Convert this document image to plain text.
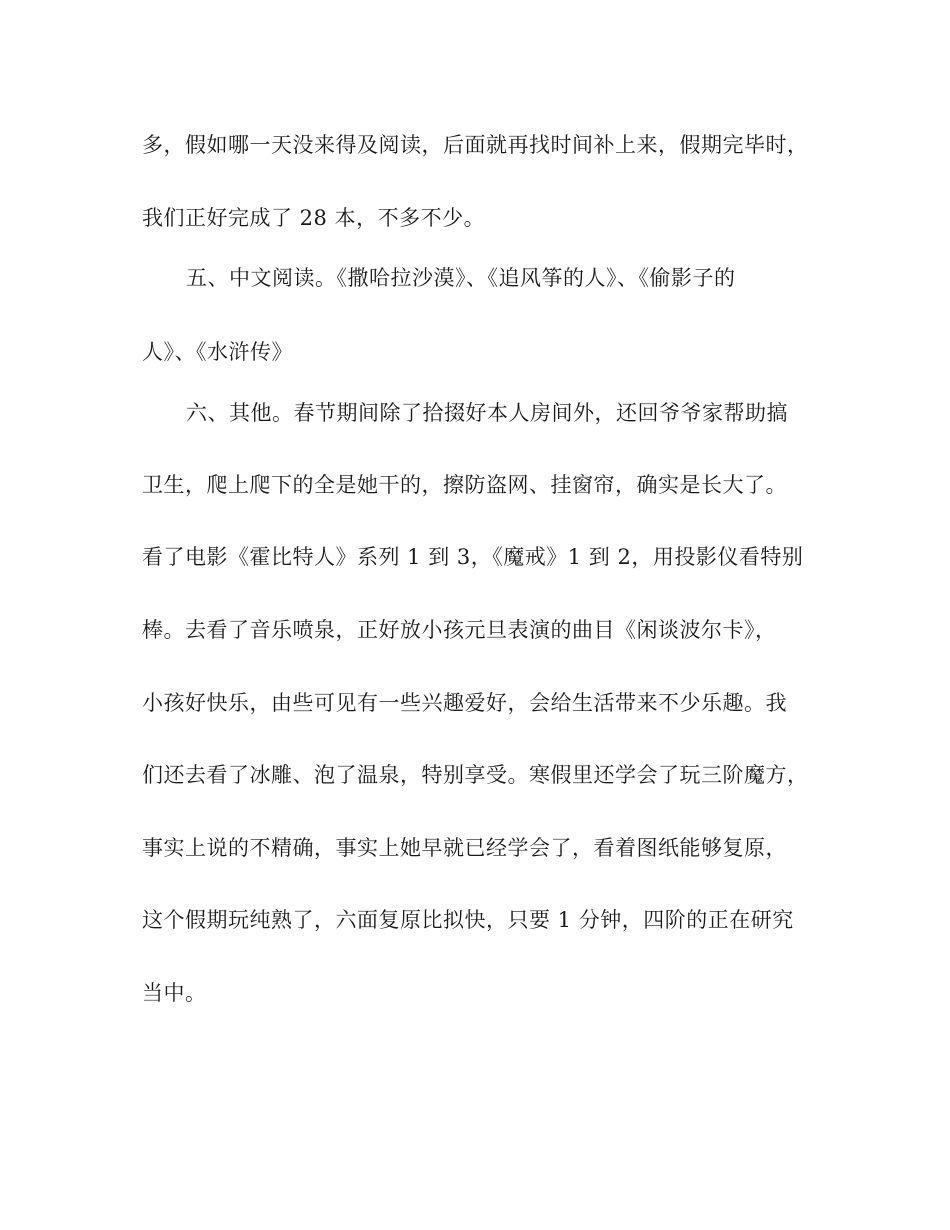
多，假如哪一天没来得及阅读，后面就再找时间补上来，假期完毕时，
我们正好完成了 28 本，不多不少。
五、中文阅读。《撒哈拉沙漠》、《追风筝的人》、《偷影子的
人》、《水浒传》
六、其他。春节期间除了拾掇好本人房间外，还回爷爷家帮助搞
卫生，爬上爬下的全是她干的，擦防盗网、挂窗帘，确实是长大了。
看了电影《霍比特人》系列 1 到 3，《魔戒》1 到 2，用投影仪看特别
棒。去看了音乐喷泉，正好放小孩元旦表演的曲目《闲谈波尔卡》，
小孩好快乐，由些可见有一些兴趣爱好，会给生活带来不少乐趣。我
们还去看了冰雕、泡了温泉，特别享受。寒假里还学会了玩三阶魔方，
事实上说的不精确，事实上她早就已经学会了，看着图纸能够复原，
这个假期玩纯熟了，六面复原比拟快，只要 1 分钟，四阶的正在研究
当中。
